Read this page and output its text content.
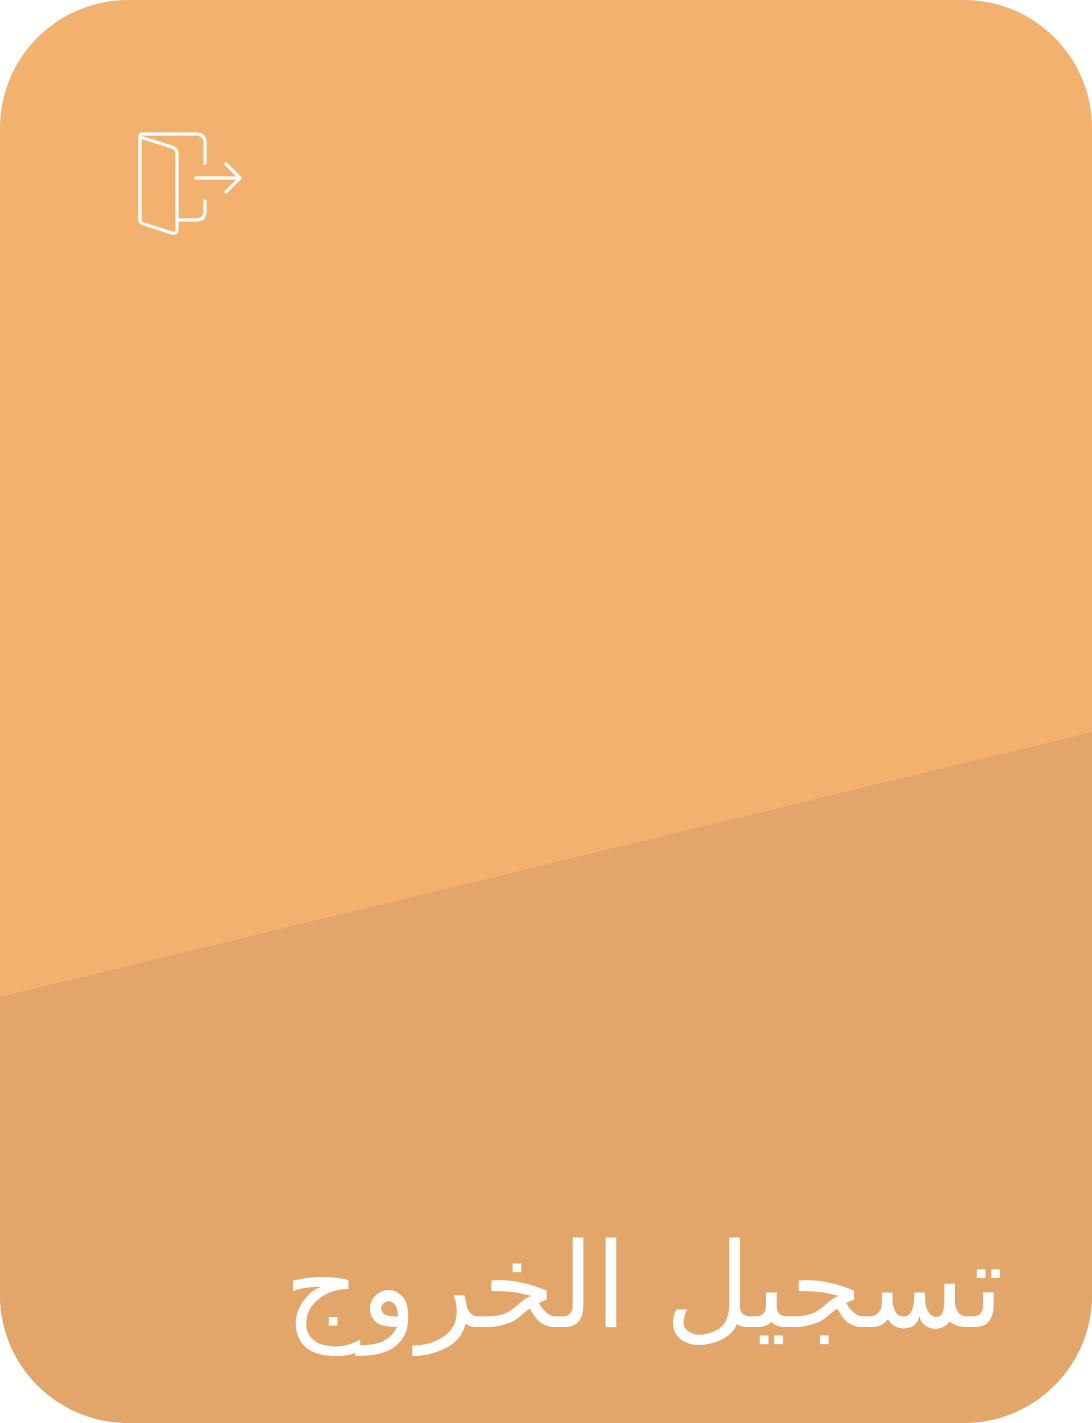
تسجيل الخروج
